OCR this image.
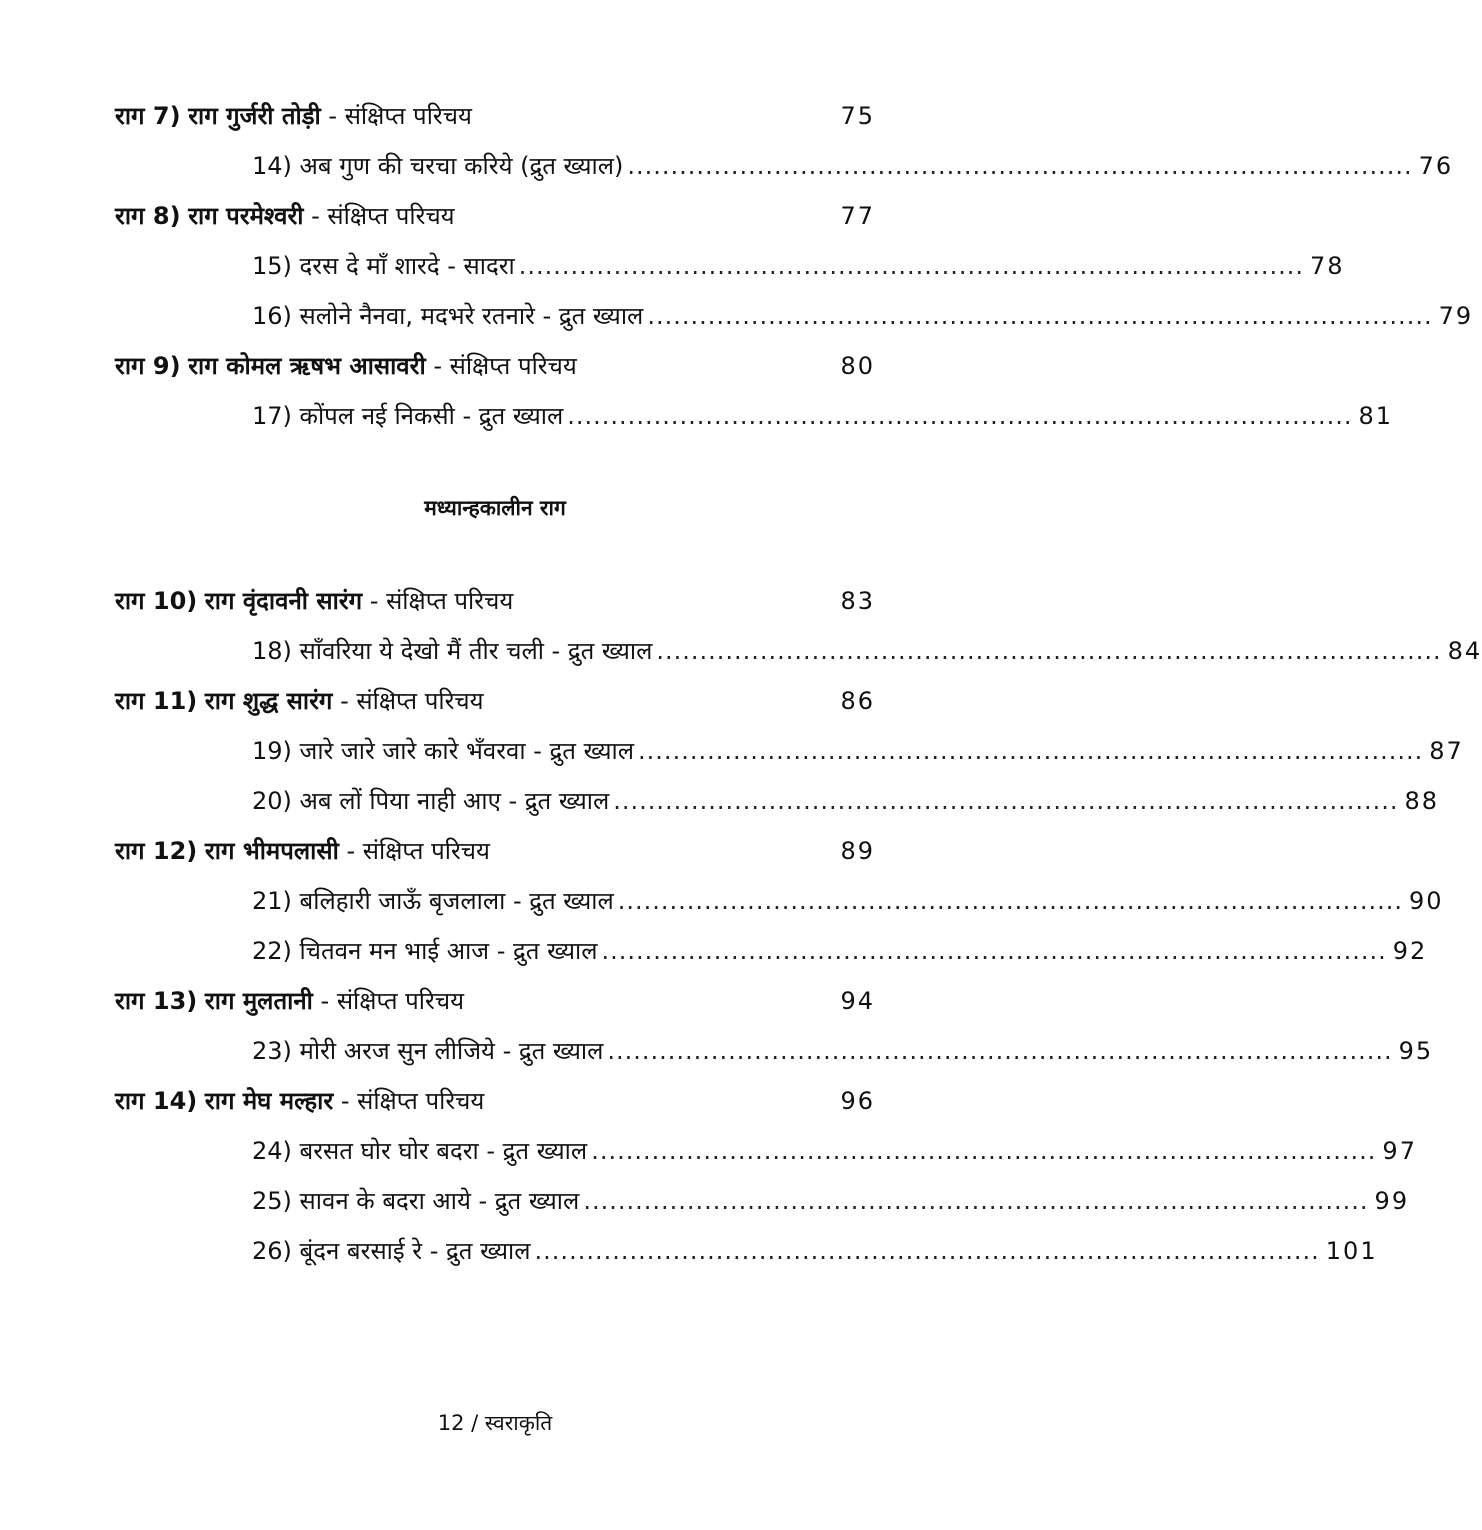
राग 7) राग गुर्जरी तोड़ी - संक्षिप्त परिचय	75
14) अब गुण की चरचा करिये (द्रुत ख्याल) ........................................................................................... 76
राग 8) राग परमेश्वरी - संक्षिप्त परिचय	77
15) दरस दे माँ शारदे - सादरा ........................................................................................... 78
16) सलोने नैनवा, मदभरे रतनारे - द्रुत ख्याल ........................................................................................... 79
राग 9) राग कोमल ऋषभ आसावरी - संक्षिप्त परिचय	80
17) कोंपल नई निकसी - द्रुत ख्याल ........................................................................................... 81
मध्यान्हकालीन राग
राग 10) राग वृंदावनी सारंग - संक्षिप्त परिचय	83
18) साँवरिया ये देखो मैं तीर चली - द्रुत ख्याल ........................................................................................... 84
राग 11) राग शुद्ध सारंग - संक्षिप्त परिचय	86
19) जारे जारे जारे कारे भँवरवा - द्रुत ख्याल ........................................................................................... 87
20) अब लों पिया नाही आए - द्रुत ख्याल ........................................................................................... 88
राग 12) राग भीमपलासी - संक्षिप्त परिचय	89
21) बलिहारी जाऊँ बृजलाला - द्रुत ख्याल ........................................................................................... 90
22) चितवन मन भाई आज - द्रुत ख्याल ........................................................................................... 92
राग 13) राग मुलतानी - संक्षिप्त परिचय	94
23) मोरी अरज सुन लीजिये - द्रुत ख्याल ........................................................................................... 95
राग 14) राग मेघ मल्हार - संक्षिप्त परिचय	96
24) बरसत घोर घोर बदरा - द्रुत ख्याल ........................................................................................... 97
25) सावन के बदरा आये - द्रुत ख्याल ........................................................................................... 99
26) बूंदन बरसाई रे - द्रुत ख्याल ........................................................................................... 101
12 / स्वराकृति
